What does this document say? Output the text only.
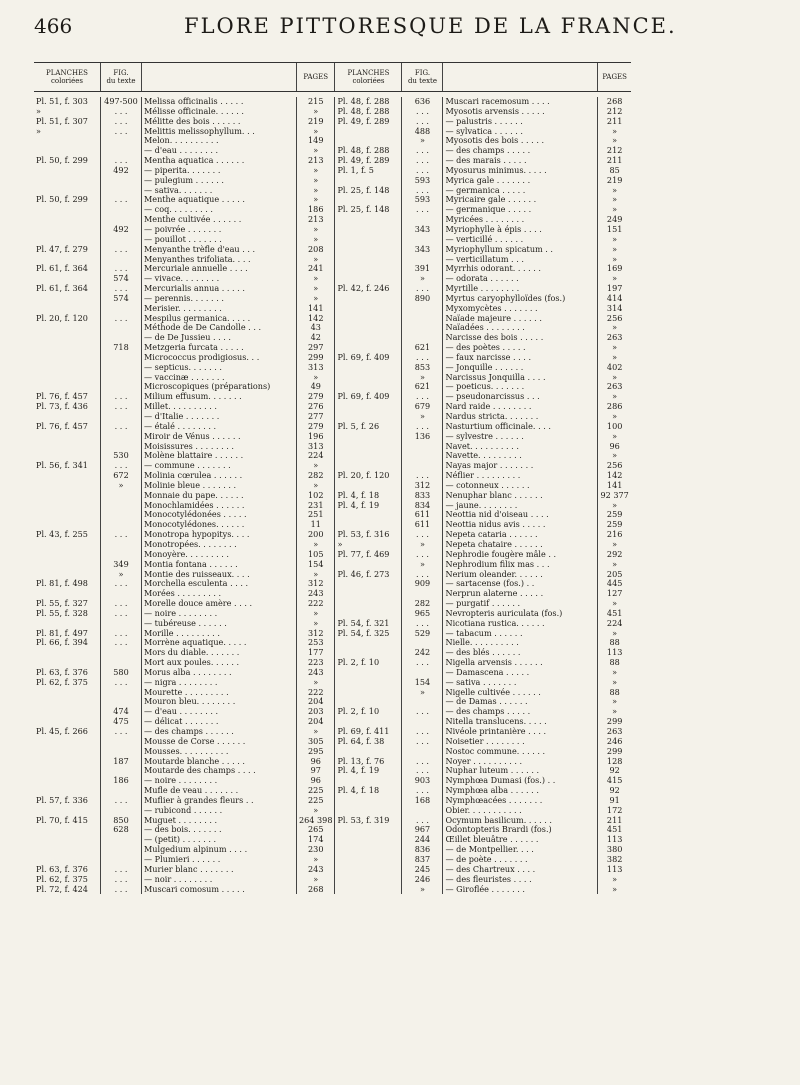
466	FLORE PITTORESQUE DE LA FRANCE.
PLANCHES
coloriées	FIG.
du texte		PAGES	PLANCHES
coloriées	FIG.
du texte		PAGES

Pl. 51, f. 303	497-500	Melissa officinalis . . . . .	215	Pl. 48, f. 288	636	Muscari racemosum . . . .	268
»	. . .	Mélisse officinale. . . . . .	»	Pl. 48, f. 288	. . .	Myosotis arvensis . . . . .	212
Pl. 51, f. 307	. . .	Mélitte des bois . . . . . .	219	Pl. 49, f. 289	. . .	— palustris . . . . . .	211
»	. . .	Melittis melissophyllum. . .	»		488	— sylvatica . . . . . .	»
		Melon. . . . . . . . . .	149		»	Myosotis des bois . . . . .	»
		— d'eau . . . . . . . .	»	Pl. 48, f. 288	. . .	— des champs . . . . .	212
Pl. 50, f. 299	. . .	Mentha aquatica . . . . . .	213	Pl. 49, f. 289	. . .	— des marais . . . . .	211
	492	— piperita. . . . . . .	»	Pl. 1, f. 5	. . .	Myosurus minimus. . . . .	85
		— pulegium . . . . . .	»		593	Myrica gale . . . . . . .	219
		— sativa. . . . . . .	»	Pl. 25, f. 148	. . .	— germanica . . . . .	»
Pl. 50, f. 299	. . .	Menthe aquatique . . . . .	»		593	Myricaire gale . . . . . .	»
		— coq. . . . . . . . .	186	Pl. 25, f. 148	. . .	— germanique . . . . .	»
		Menthe cultivée . . . . . .	213			Myricées . . . . . . . .	249
	492	— poivrée . . . . . . .	»		343	Myriophylle à épis . . . .	151
		— pouillot . . . . . . .	»			— verticillé . . . . . .	»
Pl. 47, f. 279	. . .	Menyanthe trèfle d'eau . . .	208		343	Myriophyllum spicatum . .	»
		Menyanthes trifoliata. . . .	»			— verticillatum . . .	»
Pl. 61, f. 364	. . .	Mercuriale annuelle . . . .	241		391	Myrrhis odorant. . . . . .	169
	574	— vivace. . . . . . . .	»		»	— odorata . . . . . .	»
Pl. 61, f. 364	. . .	Mercurialis annua . . . . .	»	Pl. 42, f. 246	. . .	Myrtille . . . . . . . .	197
	574	— perennis. . . . . . .	»		890	Myrtus caryophylloïdes (fos.)	414
		Merisier. . . . . . . . .	141			Myxomycètes . . . . . . .	314
Pl. 20, f. 120	. . .	Mespilus germanica. . . . .	142			Naïade majeure . . . . . .	256
		Méthode de De Candolle . . .	43			Naïadées . . . . . . . .	»
		— de De Jussieu . . . .	42			Narcisse des bois . . . . .	263
	718	Metzgeria furcata . . . . .	297		621	— des poètes . . . . .	»
		Micrococcus prodigiosus. . .	299	Pl. 69, f. 409	. . .	— faux narcisse . . . .	»
		— septicus. . . . . . .	313		853	— Jonquille . . . . . .	402
		— vaccinæ . . . . . . .	»		»	Narcissus Jonquilla . . . .	»
		Microscopiques (préparations)	49		621	— poeticus. . . . . . .	263
Pl. 76, f. 457	. . .	Milium effusum. . . . . . .	279	Pl. 69, f. 409	. . .	— pseudonarcissus . . .	»
Pl. 73, f. 436	. . .	Millet. . . . . . . . . .	276		679	Nard raide . . . . . . . .	286
		— d'Italie . . . . . . .	277		»	Nardus stricta. . . . . . .	»
Pl. 76, f. 457	. . .	— étalé . . . . . . . .	279	Pl. 5, f. 26	. . .	Nasturtium officinale. . . .	100
		Miroir de Vénus . . . . . .	196		136	— sylvestre . . . . . .	»
		Moisissures . . . . . . . .	313			Navet. . . . . . . . . .	96
	530	Molène blattaire . . . . . .	224			Navette. . . . . . . . .	»
Pl. 56, f. 341	. . .	— commune . . . . . . .	»			Nayas major . . . . . . .	256
	672	Molinia cœrulea . . . . . .	282	Pl. 20, f. 120	. . .	Néflier . . . . . . . . .	142
	»	Molinie bleue . . . . . . .	»		312	— cotonneux . . . . . .	141
		Monnaie du pape. . . . . .	102	Pl. 4, f. 18	833	Nenuphar blanc . . . . . .	92 377
		Monochlamidées . . . . . .	231	Pl. 4, f. 19	834	— jaune. . . . . . . .	»
		Monocotylédonées . . . . .	251		611	Neottia nid d'oiseau . . . .	259
		Monocotylédones. . . . . .	11		611	Neottia nidus avis . . . . .	259
Pl. 43, f. 255	. . .	Monotropa hypopitys. . . .	200	Pl. 53, f. 316	. . .	Nepeta cataria . . . . . .	216
		Monotropées. . . . . . . .	»	»	»	Nepeta chataire . . . . . .	»
		Monoyère. . . . . . . . .	105	Pl. 77, f. 469	. . .	Nephrodie fougère mâle . .	292
	349	Montia fontana . . . . . .	154		»	Nephrodium filix mas . . .	»
	»	Montie des ruisseaux. . . .	»	Pl. 46, f. 273	. . .	Nerium oleander. . . . . .	205
Pl. 81, f. 498	. . .	Morchella esculenta . . . .	312		909	— sartacense (fos.) . .	445
		Morées . . . . . . . . .	243			Nerprun alaterne . . . . .	127
Pl. 55, f. 327	. . .	Morelle douce amère . . . .	222		282	— purgatif . . . . . .	»
Pl. 55, f. 328	. . .	— noire . . . . . . . .	»		965	Nevropteris auriculata (fos.)	451
		— tubéreuse . . . . . .	»	Pl. 54, f. 321	. . .	Nicotiana rustica. . . . . .	224
Pl. 81, f. 497	. . .	Morille . . . . . . . . .	312	Pl. 54, f. 325	529	— tabacum . . . . . .	»
Pl. 66, f. 394	. . .	Morrène aquatique. . . . .	253			Nielle. . . . . . . . . .	88
		Mors du diable. . . . . . .	177		242	— des blés . . . . . .	113
		Mort aux poules. . . . . .	223	Pl. 2, f. 10	. . .	Nigella arvensis . . . . . .	88
Pl. 63, f. 376	580	Morus alba . . . . . . . .	243			— Damascena . . . . .	»
Pl. 62, f. 375	. . .	— nigra . . . . . . . .	»		154	— sativa . . . . . . .	»
		Mourette . . . . . . . . .	222		»	Nigelle cultivée . . . . . .	88
		Mouron bleu. . . . . . . .	204			— de Damas . . . . . .	»
	474	— d'eau . . . . . . . .	203	Pl. 2, f. 10	. . .	— des champs . . . . .	»
	475	— délicat . . . . . . .	204			Nitella translucens. . . . .	299
Pl. 45, f. 266	. . .	— des champs . . . . . .	»	Pl. 69, f. 411	. . .	Nivéole printanière . . . .	263
		Mousse de Corse . . . . . .	305	Pl. 64, f. 38	. . .	Noisetier . . . . . . . .	246
		Mousses. . . . . . . . . .	295			Nostoc commune. . . . . .	299
	187	Moutarde blanche . . . . .	96	Pl. 13, f. 76	. . .	Noyer . . . . . . . . . .	128
		Moutarde des champs . . . .	97	Pl. 4, f. 19	. . .	Nuphar luteum . . . . . .	92
	186	— noire . . . . . . . .	96		903	Nymphœa Dumasi (fos.) . .	415
		Mufle de veau . . . . . . .	225	Pl. 4, f. 18	. . .	Nymphœa alba . . . . . .	92
Pl. 57, f. 336	. . .	Muflier à grandes fleurs . .	225		168	Nymphœacées . . . . . . .	91
		— rubicond . . . . . .	»			Obier. . . . . . . . . . .	172
Pl. 70, f. 415	850	Muguet . . . . . . . .	264 398	Pl. 53, f. 319	. . .	Ocymum basilicum. . . . . .	211
	628	— des bois. . . . . . .	265		967	Odontopteris Brardi (fos.)	451
		— (petit) . . . . . . .	174		244	Œillet bleuâtre . . . . . .	113
		Mulgedium alpinum . . . .	230		836	— de Montpellier. . . .	380
		— Plumieri . . . . . .	»		837	— de poète . . . . . . .	382
Pl. 63, f. 376	. . .	Murier blanc . . . . . . .	243		245	— des Chartreux . . . .	113
Pl. 62, f. 375	. . .	— noir . . . . . . . .	»		246	— des fleuristes . . . .	»
Pl. 72, f. 424	. . .	Muscari comosum . . . . .	268		»	— Giroflée . . . . . . .	»
